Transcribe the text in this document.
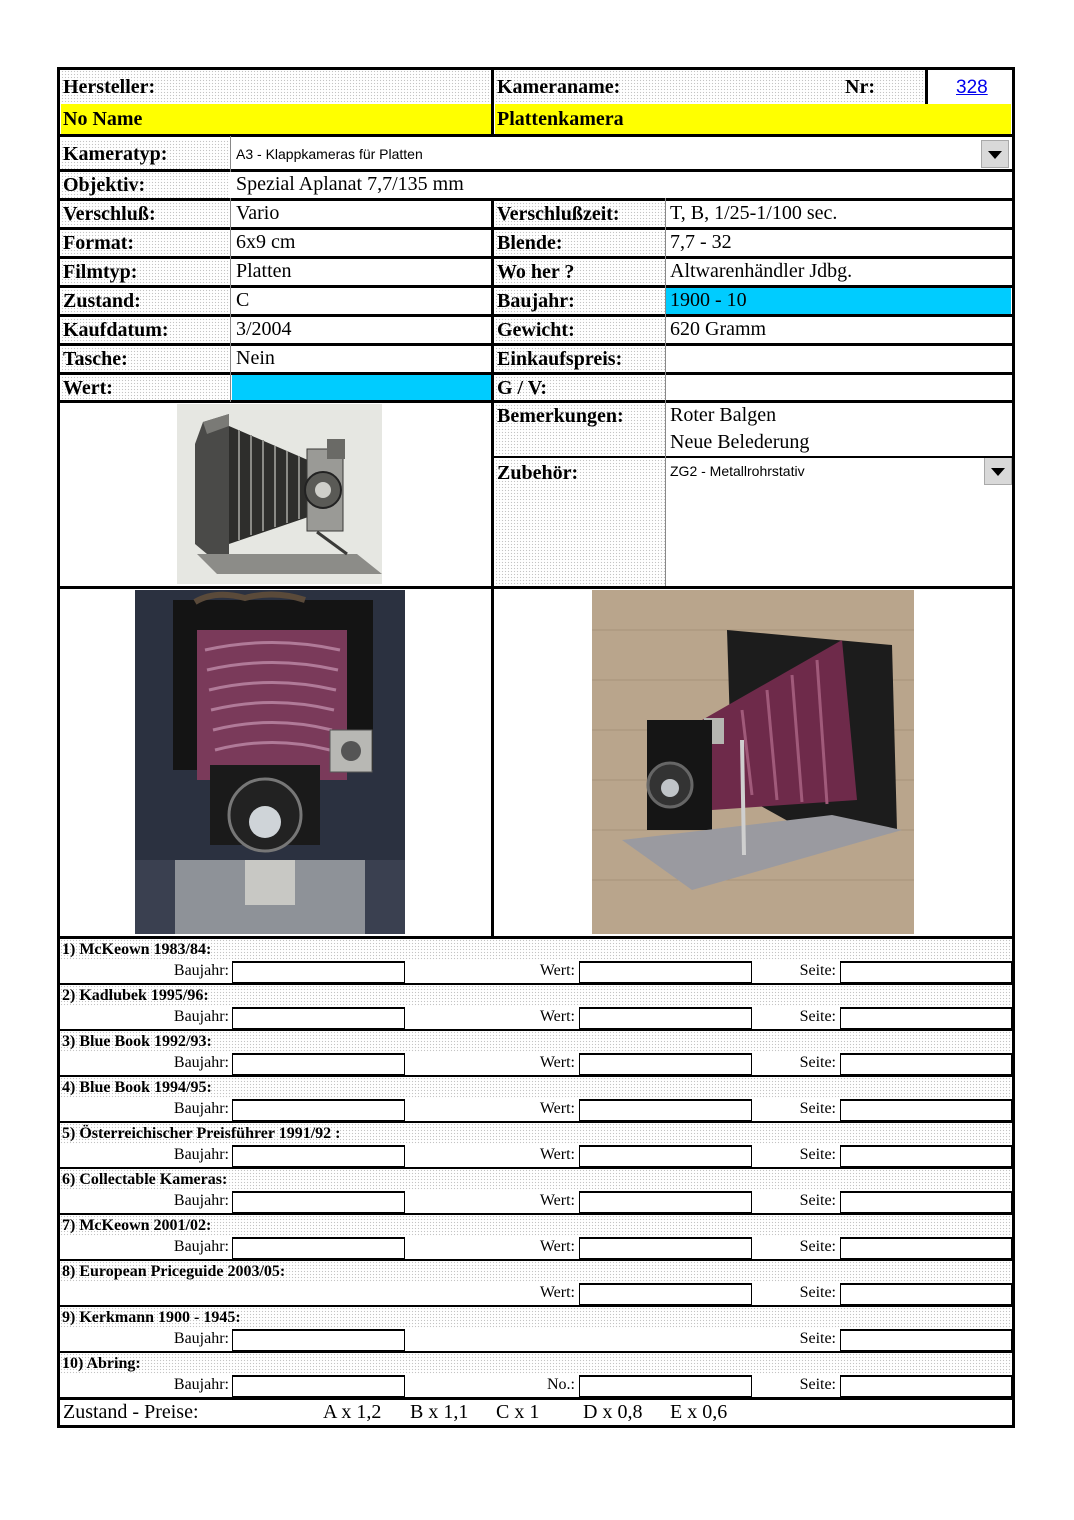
Hersteller:	Kameraname:	Nr:	328
No Name	Plattenkamera
Kameratyp:	A3 - Klappkameras für Platten
Objektiv:	Spezial Aplanat 7,7/135 mm
Verschluß:	Vario	Verschlußzeit:	T, B, 1/25-1/100 sec.
Format:	6x9 cm	Blende:	7,7 - 32
Filmtyp:	Platten	Wo her ?	Altwarenhändler Jdbg.
Zustand:	C	Baujahr:	1900 - 10
Kaufdatum:	3/2004	Gewicht:	620 Gramm
Tasche:	Nein	Einkaufspreis:
Wert:	G / V:
Bemerkungen: Roter Balgen
Neue Belederung
Zubehör:	ZG2 - Metallrohrstativ
1) McKeown 1983/84:
Baujahr:	Wert:	Seite:
2) Kadlubek 1995/96:
Baujahr:	Wert:	Seite:
3) Blue Book 1992/93:
Baujahr:	Wert:	Seite:
4) Blue Book 1994/95:
Baujahr:	Wert:	Seite:
5) Österreichischer Preisführer 1991/92 :
Baujahr:	Wert:	Seite:
6) Collectable Kameras:
Baujahr:	Wert:	Seite:
7) McKeown 2001/02:
Baujahr:	Wert:	Seite:
8) European Priceguide 2003/05:
Wert:	Seite:
9) Kerkmann 1900 - 1945:
Baujahr:	Seite:
10) Abring:
Baujahr:	No.:	Seite:
Zustand - Preise:	A x 1,2 B x 1,1 C x 1 D x 0,8 E x 0,6
